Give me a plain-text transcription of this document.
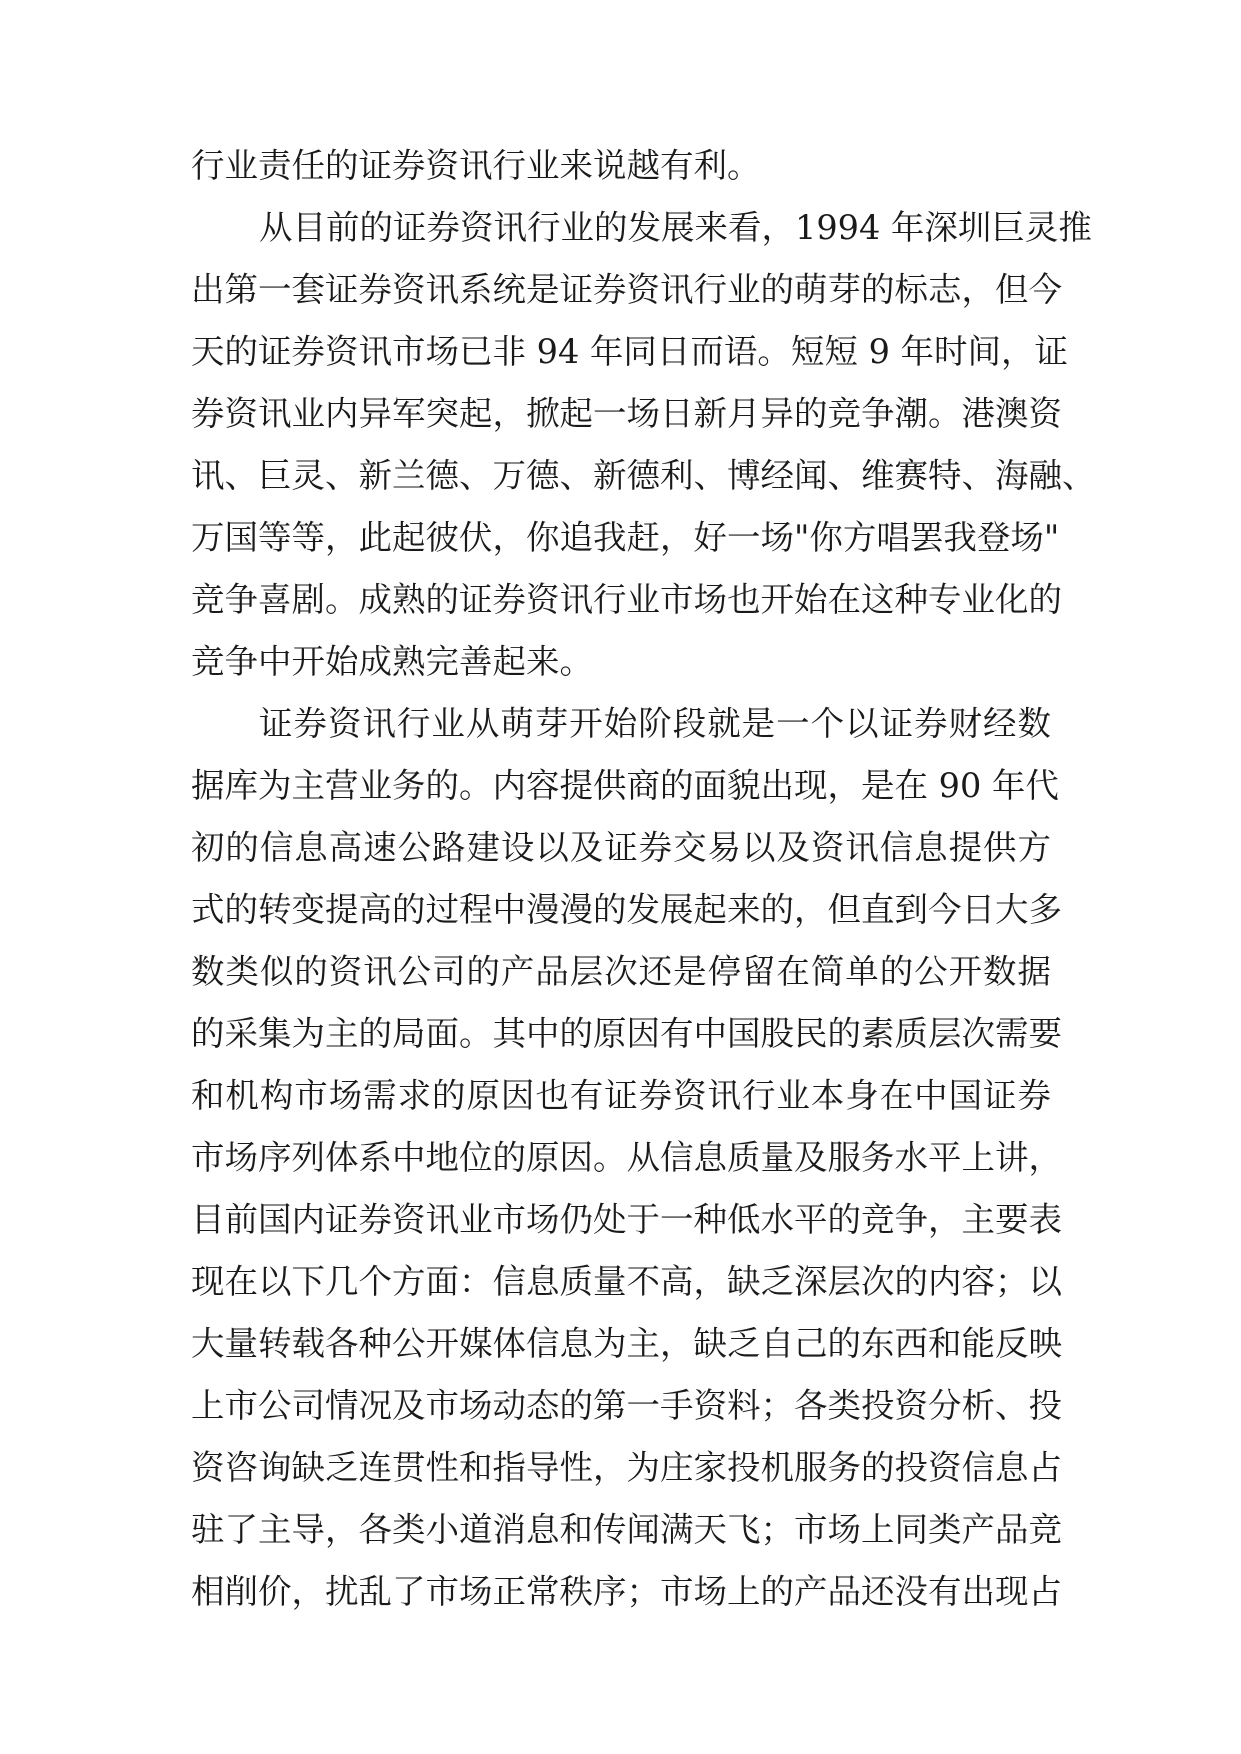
行业责任的证券资讯行业来说越有利。

从目前的证券资讯行业的发展来看，1994 年深圳巨灵推

出第一套证券资讯系统是证券资讯行业的萌芽的标志，但今

天的证券资讯市场已非 94 年同日而语。短短 9 年时间，证

券资讯业内异军突起，掀起一场日新月异的竞争潮。港澳资

讯、巨灵、新兰德、万德、新德利、博经闻、维赛特、海融、

万国等等，此起彼伏，你追我赶，好一场"你方唱罢我登场"

竞争喜剧。成熟的证券资讯行业市场也开始在这种专业化的

竞争中开始成熟完善起来。

证券资讯行业从萌芽开始阶段就是一个以证券财经数

据库为主营业务的。内容提供商的面貌出现，是在 90 年代

初的信息高速公路建设以及证券交易以及资讯信息提供方

式的转变提高的过程中漫漫的发展起来的，但直到今日大多

数类似的资讯公司的产品层次还是停留在简单的公开数据

的采集为主的局面。其中的原因有中国股民的素质层次需要

和机构市场需求的原因也有证券资讯行业本身在中国证券

市场序列体系中地位的原因。从信息质量及服务水平上讲，

目前国内证券资讯业市场仍处于一种低水平的竞争，主要表

现在以下几个方面：信息质量不高，缺乏深层次的内容；以

大量转载各种公开媒体信息为主，缺乏自己的东西和能反映

上市公司情况及市场动态的第一手资料；各类投资分析、投

资咨询缺乏连贯性和指导性，为庄家投机服务的投资信息占

驻了主导，各类小道消息和传闻满天飞；市场上同类产品竞

相削价，扰乱了市场正常秩序；市场上的产品还没有出现占
